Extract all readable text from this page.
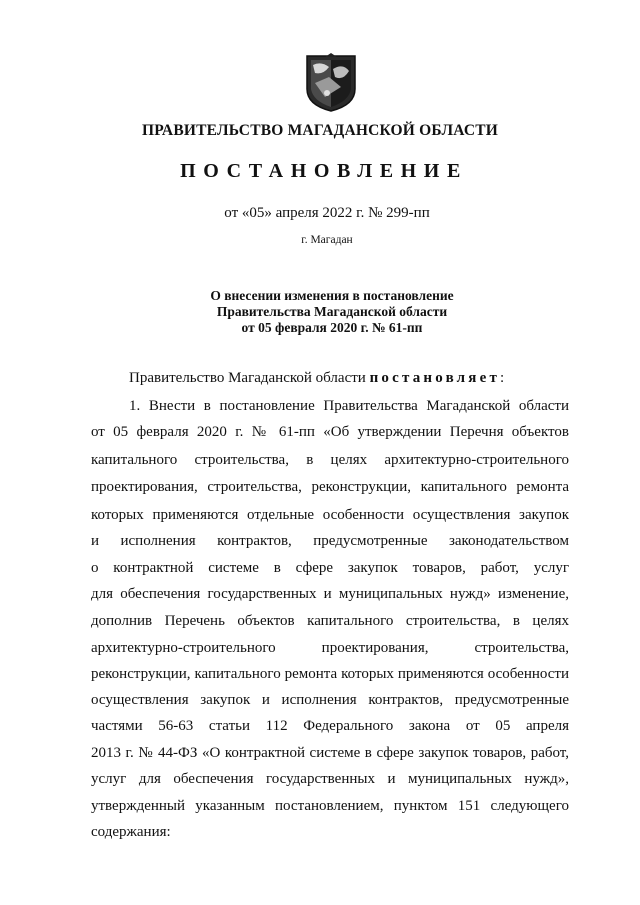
ПРАВИТЕЛЬСТВО МАГАДАНСКОЙ ОБЛАСТИ
ПОСТАНОВЛЕНИЕ
от «05» апреля 2022 г. № 299-пп
г. Магадан
О внесении изменения в постановление
Правительства Магаданской области
от 05 февраля 2020 г. № 61-пп
Правительство Магаданской области постановляет:
1. Внести в постановление Правительства Магаданской области
от 05 февраля 2020 г. № 61-пп «Об утверждении Перечня объектов
капитального строительства, в целях архитектурно-строительного
проектирования, строительства, реконструкции, капитального ремонта
которых применяются отдельные особенности осуществления закупок
и исполнения контрактов, предусмотренные законодательством
о контрактной системе в сфере закупок товаров, работ, услуг
для обеспечения государственных и муниципальных нужд» изменение,
дополнив Перечень объектов капитального строительства, в целях
архитектурно-строительного проектирования, строительства,
реконструкции, капитального ремонта которых применяются особенности
осуществления закупок и исполнения контрактов, предусмотренные
частями 56-63 статьи 112 Федерального закона от 05 апреля
2013 г. № 44-ФЗ «О контрактной системе в сфере закупок товаров, работ,
услуг для обеспечения государственных и муниципальных нужд»,
утвержденный указанным постановлением, пунктом 151 следующего
содержания:
